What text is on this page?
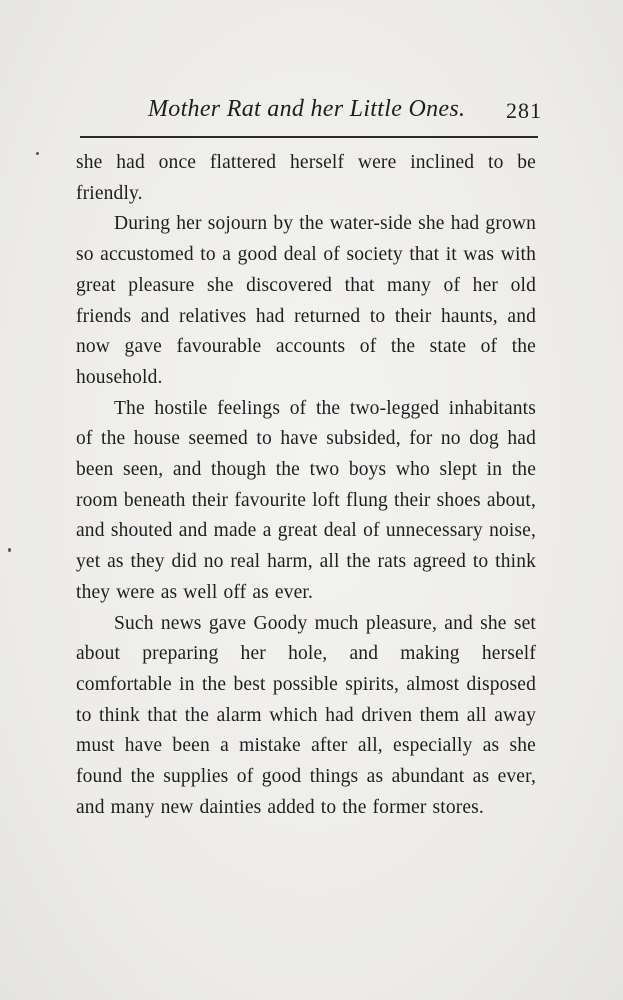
Mother Rat and her Little Ones. 281

she had once flattered herself were inclined to be friendly.

During her sojourn by the water-side she had grown so accustomed to a good deal of society that it was with great pleasure she discovered that many of her old friends and relatives had returned to their haunts, and now gave favourable accounts of the state of the household.

The hostile feelings of the two-legged inhabitants of the house seemed to have subsided, for no dog had been seen, and though the two boys who slept in the room beneath their favourite loft flung their shoes about, and shouted and made a great deal of unnecessary noise, yet as they did no real harm, all the rats agreed to think they were as well off as ever.

Such news gave Goody much pleasure, and she set about preparing her hole, and making herself comfortable in the best possible spirits, almost disposed to think that the alarm which had driven them all away must have been a mistake after all, especially as she found the supplies of good things as abundant as ever, and many new dainties added to the former stores.
